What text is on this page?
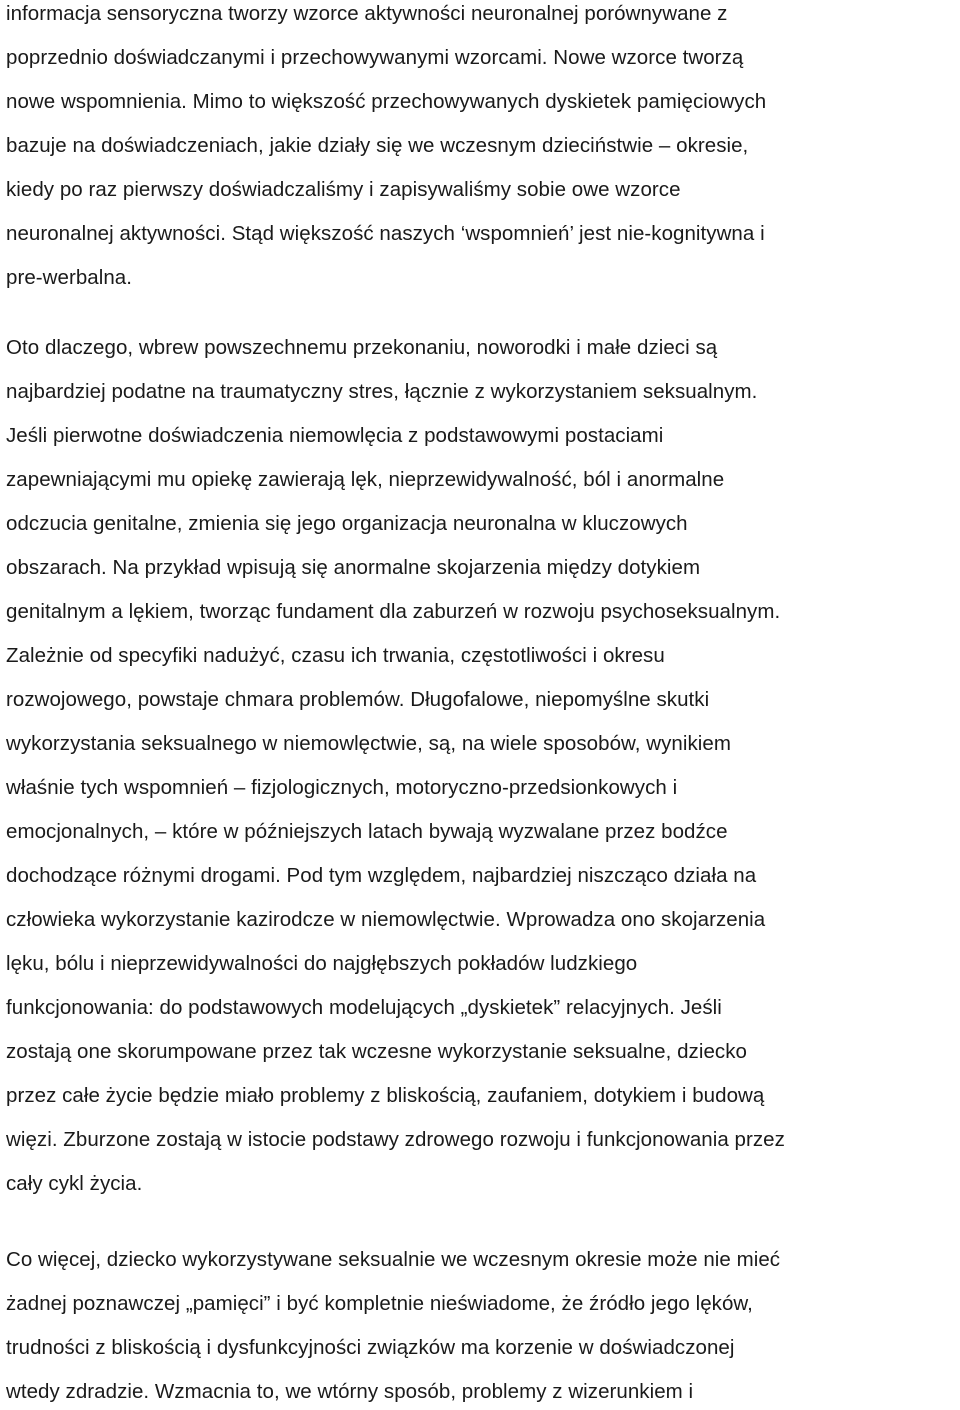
informacja sensoryczna tworzy wzorce aktywności neuronalnej porównywane z
poprzednio doświadczanymi i przechowywanymi wzorcami. Nowe wzorce tworzą
nowe wspomnienia. Mimo to większość przechowywanych dyskietek pamięciowych
bazuje na doświadczeniach, jakie działy się we wczesnym dzieciństwie – okresie,
kiedy po raz pierwszy doświadczaliśmy i zapisywaliśmy sobie owe wzorce
neuronalnej aktywności. Stąd większość naszych ‘wspomnień’ jest nie-kognitywna i
pre-werbalna.
Oto dlaczego, wbrew powszechnemu przekonaniu, noworodki i małe dzieci są
najbardziej podatne na traumatyczny stres, łącznie z wykorzystaniem seksualnym.
Jeśli pierwotne doświadczenia niemowlęcia z podstawowymi postaciami
zapewniającymi mu opiekę zawierają lęk, nieprzewidywalność, ból i anormalne
odczucia genitalne, zmienia się jego organizacja neuronalna w kluczowych
obszarach. Na przykład wpisują się anormalne skojarzenia między dotykiem
genitalnym a lękiem, tworząc fundament dla zaburzeń w rozwoju psychoseksualnym.
Zależnie od specyfiki nadużyć, czasu ich trwania, częstotliwości i okresu
rozwojowego, powstaje chmara problemów. Długofalowe, niepomyślne skutki
wykorzystania seksualnego w niemowlęctwie, są, na wiele sposobów, wynikiem
właśnie tych wspomnień – fizjologicznych, motoryczno-przedsionkowych i
emocjonalnych, – które w późniejszych latach bywają wyzwalane przez bodźce
dochodzące różnymi drogami. Pod tym względem, najbardziej niszcząco działa na
człowieka wykorzystanie kazirodcze w niemowlęctwie. Wprowadza ono skojarzenia
lęku, bólu i nieprzewidywalności do najgłębszych pokładów ludzkiego
funkcjonowania: do podstawowych modelujących „dyskietek” relacyjnych. Jeśli
zostają one skorumpowane przez tak wczesne wykorzystanie seksualne, dziecko
przez całe życie będzie miało problemy z bliskością, zaufaniem, dotykiem i budową
więzi. Zburzone zostają w istocie podstawy zdrowego rozwoju i funkcjonowania przez
cały cykl życia.
Co więcej, dziecko wykorzystywane seksualnie we wczesnym okresie może nie mieć
żadnej poznawczej „pamięci” i być kompletnie nieświadome, że źródło jego lęków,
trudności z bliskością i dysfunkcyjności związków ma korzenie w doświadczonej
wtedy zdradzie. Wzmacnia to, we wtórny sposób, problemy z wizerunkiem i
